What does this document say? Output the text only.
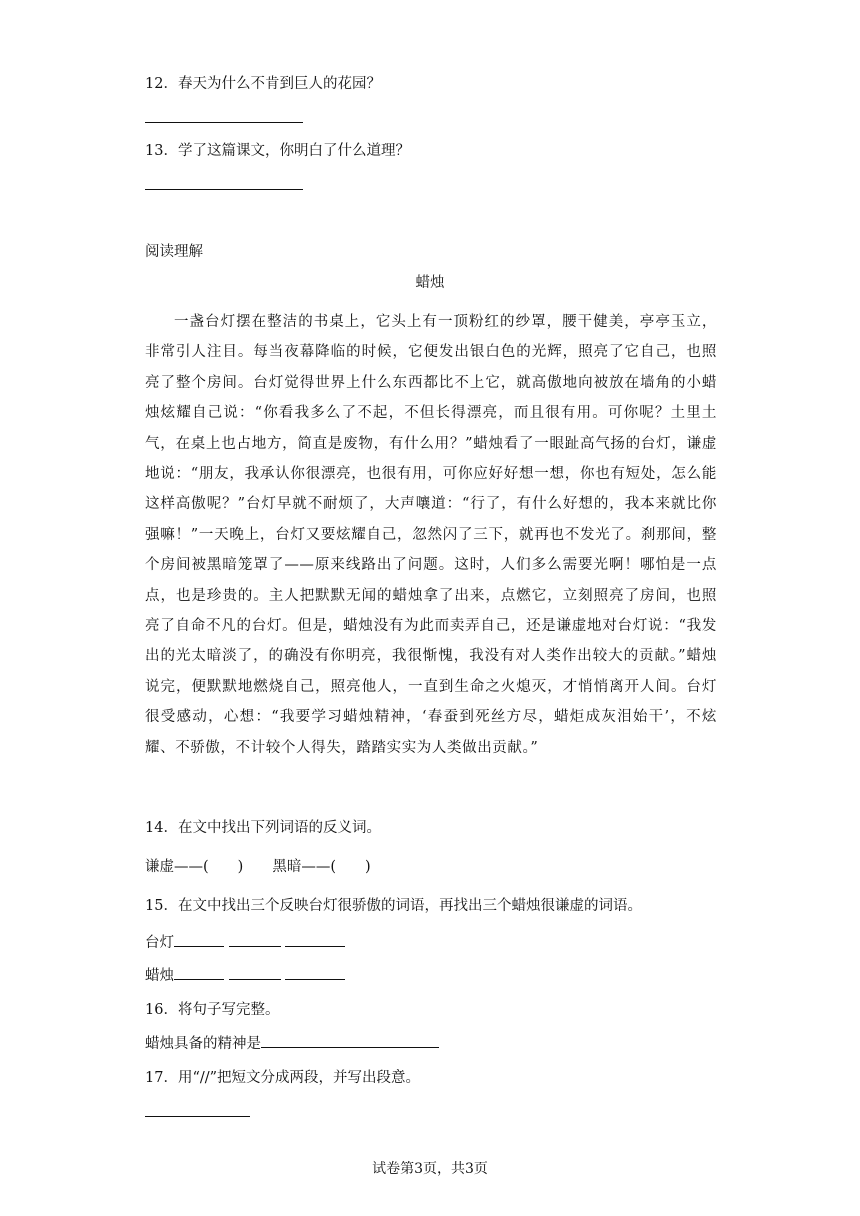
12．春天为什么不肯到巨人的花园？
13．学了这篇课文，你明白了什么道理？
阅读理解
蜡烛
一盏台灯摆在整洁的书桌上，它头上有一顶粉红的纱罩，腰干健美，亭亭玉立，非常引人注目。每当夜幕降临的时候，它便发出银白色的光辉，照亮了它自己，也照亮了整个房间。台灯觉得世界上什么东西都比不上它，就高傲地向被放在墙角的小蜡烛炫耀自己说：“你看我多么了不起，不但长得漂亮，而且很有用。可你呢？土里土气，在桌上也占地方，简直是废物，有什么用？”蜡烛看了一眼趾高气扬的台灯，谦虚地说：“朋友，我承认你很漂亮，也很有用，可你应好好想一想，你也有短处，怎么能这样高傲呢？”台灯早就不耐烦了，大声嚷道：“行了，有什么好想的，我本来就比你强嘛！”一天晚上，台灯又要炫耀自己，忽然闪了三下，就再也不发光了。刹那间，整个房间被黑暗笼罩了——原来线路出了问题。这时，人们多么需要光啊！哪怕是一点点，也是珍贵的。主人把默默无闻的蜡烛拿了出来，点燃它，立刻照亮了房间，也照亮了自命不凡的台灯。但是，蜡烛没有为此而卖弄自己，还是谦虚地对台灯说：“我发出的光太暗淡了，的确没有你明亮，我很惭愧，我没有对人类作出较大的贡献。”蜡烛说完，便默默地燃烧自己，照亮他人，一直到生命之火熄灭，才悄悄离开人间。台灯很受感动，心想：“我要学习蜡烛精神，‘春蚕到死丝方尽，蜡炬成灰泪始干’，不炫耀、不骄傲，不计较个人得失，踏踏实实为人类做出贡献。”
14．在文中找出下列词语的反义词。
谦虚——(　　)　　黑暗——(　　)
15．在文中找出三个反映台灯很骄傲的词语，再找出三个蜡烛很谦虚的词语。
台灯
蜡烛
16．将句子写完整。
蜡烛具备的精神是
17．用“//”把短文分成两段，并写出段意。
试卷第3页，共3页
